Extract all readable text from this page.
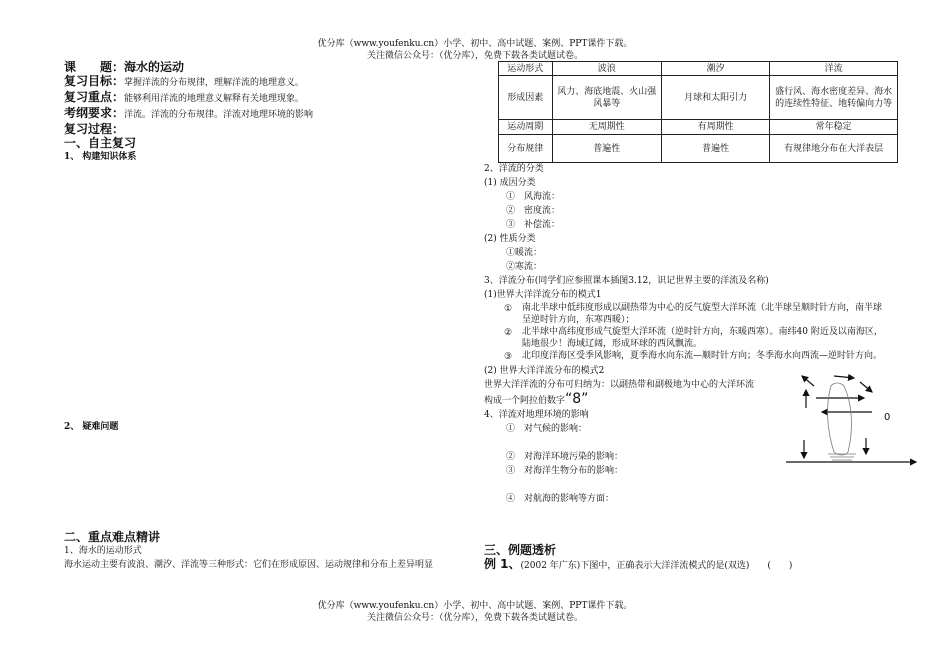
优分库（www.youfenku.cn）小学、初中、高中试题、案例、PPT课件下载。
关注微信公众号：（优分库），免费下载各类试题试卷。
课　　题： 海水的运动
复习目标： 掌握洋流的分布规律，理解洋流的地理意义。
复习重点： 能够利用洋流的地理意义解释有关地理现象。
考纲要求： 洋流。洋流的分布规律。洋流对地理环境的影响
复习过程：
一、自主复习
1、 构建知识体系
2、 疑难问题
二、重点难点精讲
1、海水的运动形式
海水运动主要有波浪、潮汐、洋流等三种形式：它们在形成原因、运动规律和分布上差异明显
运动形式	波浪	潮汐	洋流
形成因素	风力、海底地震、火山强风暴等	月球和太阳引力	盛行风、海水密度差异、海水的连续性特征、地转偏向力等
运动周期	无周期性	有周期性	常年稳定
分布规律	普遍性	普遍性	有规律地分布在大洋表层
2、洋流的分类
(1) 成因分类
①　风海流：
②　密度流：
③　补偿流：
(2) 性质分类
①暖流：
②寒流：
3、洋流分布(同学们应参照课本插图3.12，识记世界主要的洋流及名称)
(1)世界大洋洋流分布的模式1
①	南北半球中低纬度形成以副热带为中心的反气旋型大洋环流（北半球呈顺时针方向，南半球呈逆时针方向，东寒西暖）；
②	北半球中高纬度形成气旋型大洋环流（逆时针方向，东暖西寒）。南纬40 附近及以南海区，陆地很少！海域辽阔，形成环球的西风飘流。
③	北印度洋海区受季风影响，夏季海水向东流—顺时针方向；冬季海水向西流—逆时针方向。
(2) 世界大洋洋流分布的模式2
世界大洋洋流的分布可归纳为：以副热带和副极地为中心的大洋环流
构成一个阿拉伯数字“8”
4、洋流对地理环境的影响
①　对气候的影响：
②　对海洋环境污染的影响：
③　对海洋生物分布的影响：
④　对航海的影响等方面：
三、例题透析
例 1、 (2002 年广东)下图中，正确表示大洋洋流模式的是(双选)　　(　　)
0
优分库（www.youfenku.cn）小学、初中、高中试题、案例、PPT课件下载。
关注微信公众号：（优分库），免费下载各类试题试卷。
